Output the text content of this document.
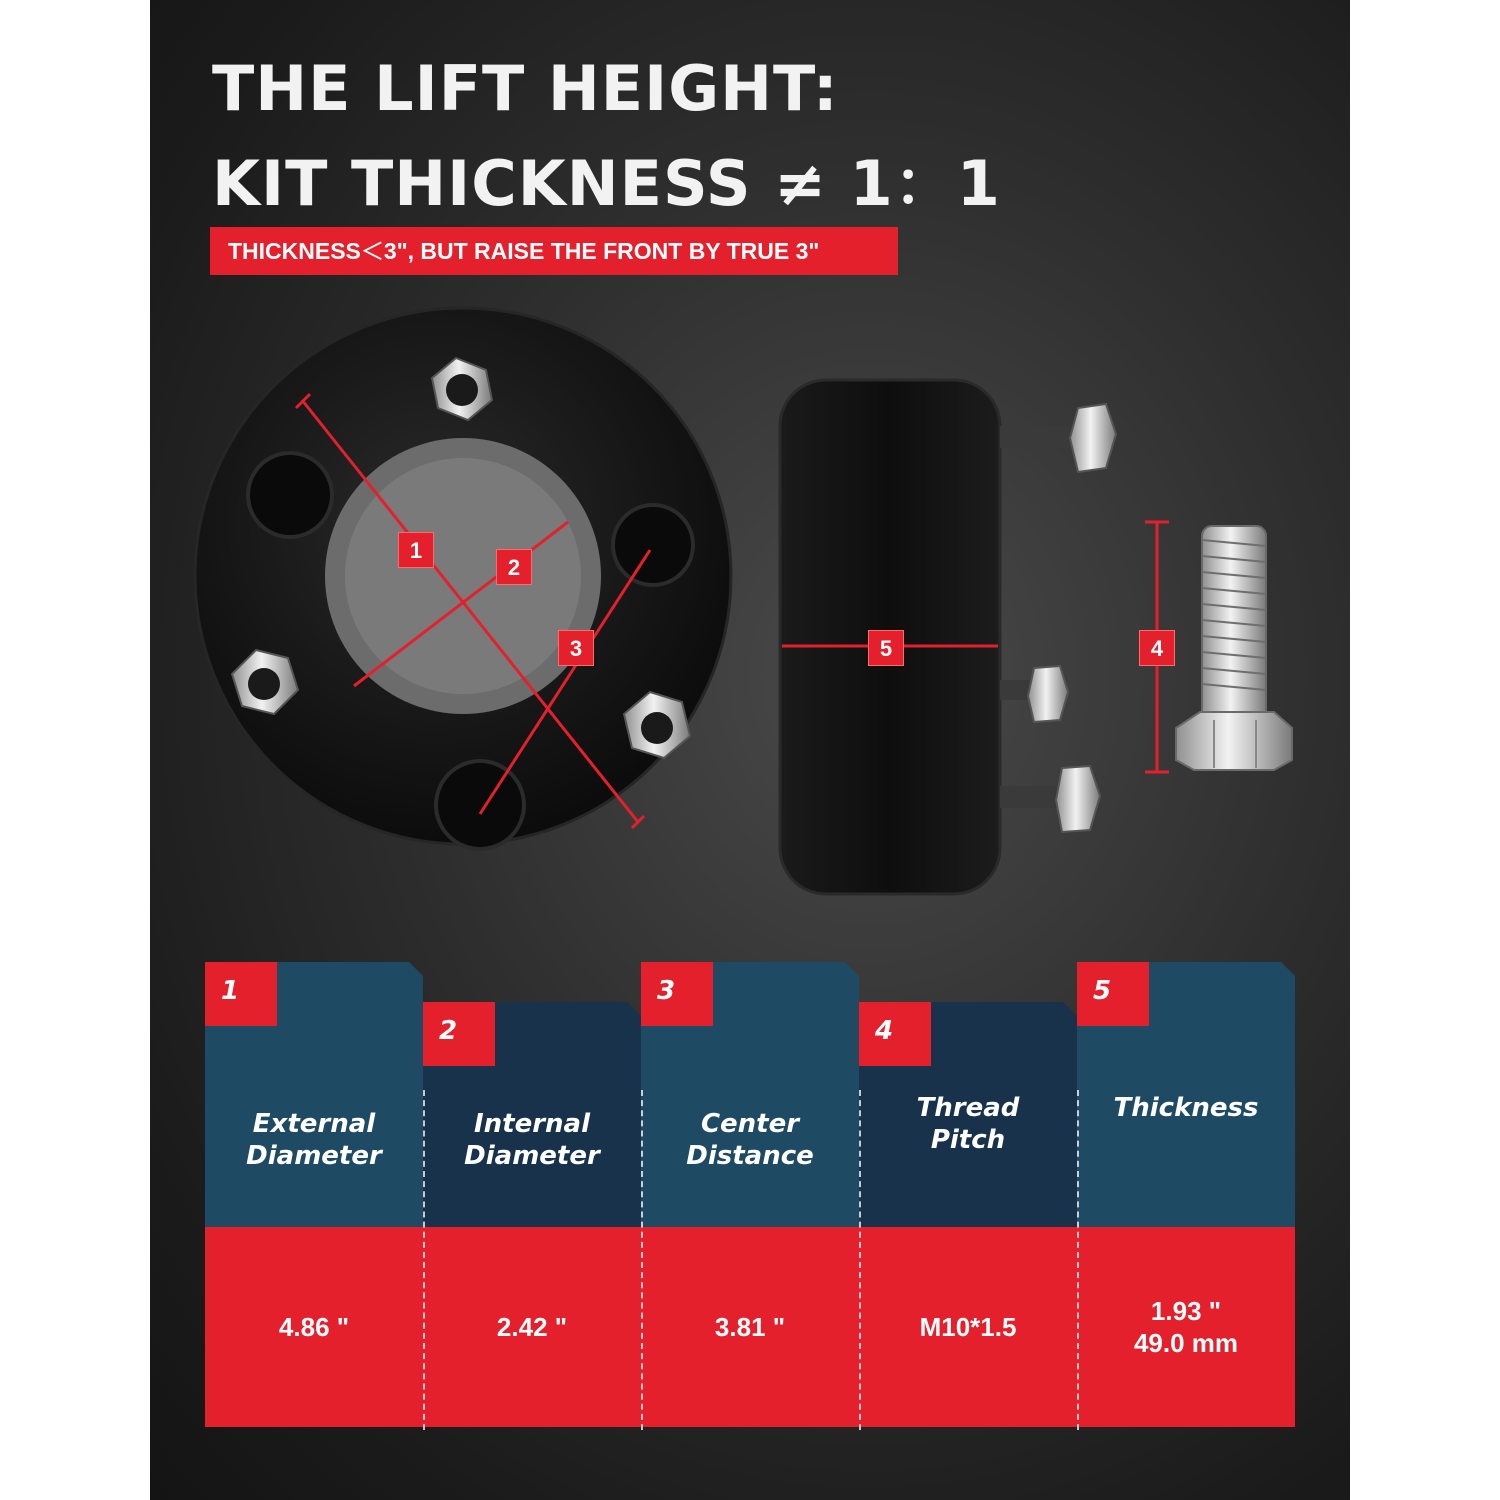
THE LIFT HEIGHT:
KIT THICKNESS ≠ 1：1
THICKNESS＜3", BUT RAISE THE FRONT BY TRUE 3"
1
2
3	5	4
1
External
Diameter
4.86 "
2
Internal
Diameter
2.42 "
3
Center
Distance
3.81 "
4
Thread
Pitch
M10*1.5
5
Thickness

1.93 "
49.0 mm
